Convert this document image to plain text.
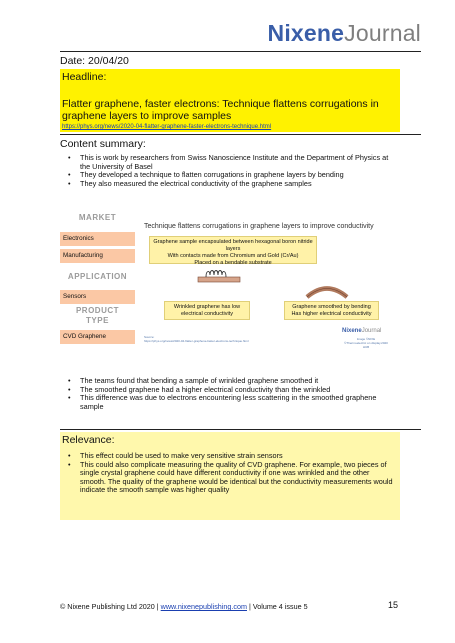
NixeneJournal
Date: 20/04/20
Headline:
Flatter graphene, faster electrons: Technique flattens corrugations in graphene layers to improve samples
https://phys.org/news/2020-04-flatter-graphene-faster-electrons-technique.html
Content summary:
• This is work by researchers from Swiss Nanoscience Institute and the Department of Physics at the University of Basel
• They developed a technique to flatten corrugations in graphene layers by bending
• They also measured the electrical conductivity of the graphene samples
MARKET
Electronics
Manufacturing
APPLICATION
Sensors
PRODUCT
TYPE
CVD Graphene
Technique flattens corrugations in graphene layers to improve conductivity
Graphene sample encapsulated between hexagonal boron nitride layers
With contacts made from Chromium and Gold (Cr/Au)
Placed on a bendable substrate
Wrinkled graphene has low
electrical conductivity
Graphene smoothed by bending
Has higher electrical conductivity
Source:
https://phys.org/news/2020-04-flatter-graphene-faster-electrons-technique.html
NixeneJournal
Image ©NIXE
©Thermoelectric on display.2020 HUB
• The teams found that bending a sample of wrinkled graphene smoothed it
• The smoothed graphene had a higher electrical conductivity than the wrinkled
• This difference was due to electrons encountering less scattering in the smoothed graphene sample
Relevance:
• This effect could be used to make very sensitive strain sensors
• This could also complicate measuring the quality of CVD graphene. For example, two pieces of single crystal graphene could have different conductivity if one was wrinkled and the other smooth. The quality of the graphene would be identical but the conductivity measurements would indicate the smooth sample was higher quality
© Nixene Publishing Ltd 2020 | www.nixenepublishing.com | Volume 4 issue 5	15
